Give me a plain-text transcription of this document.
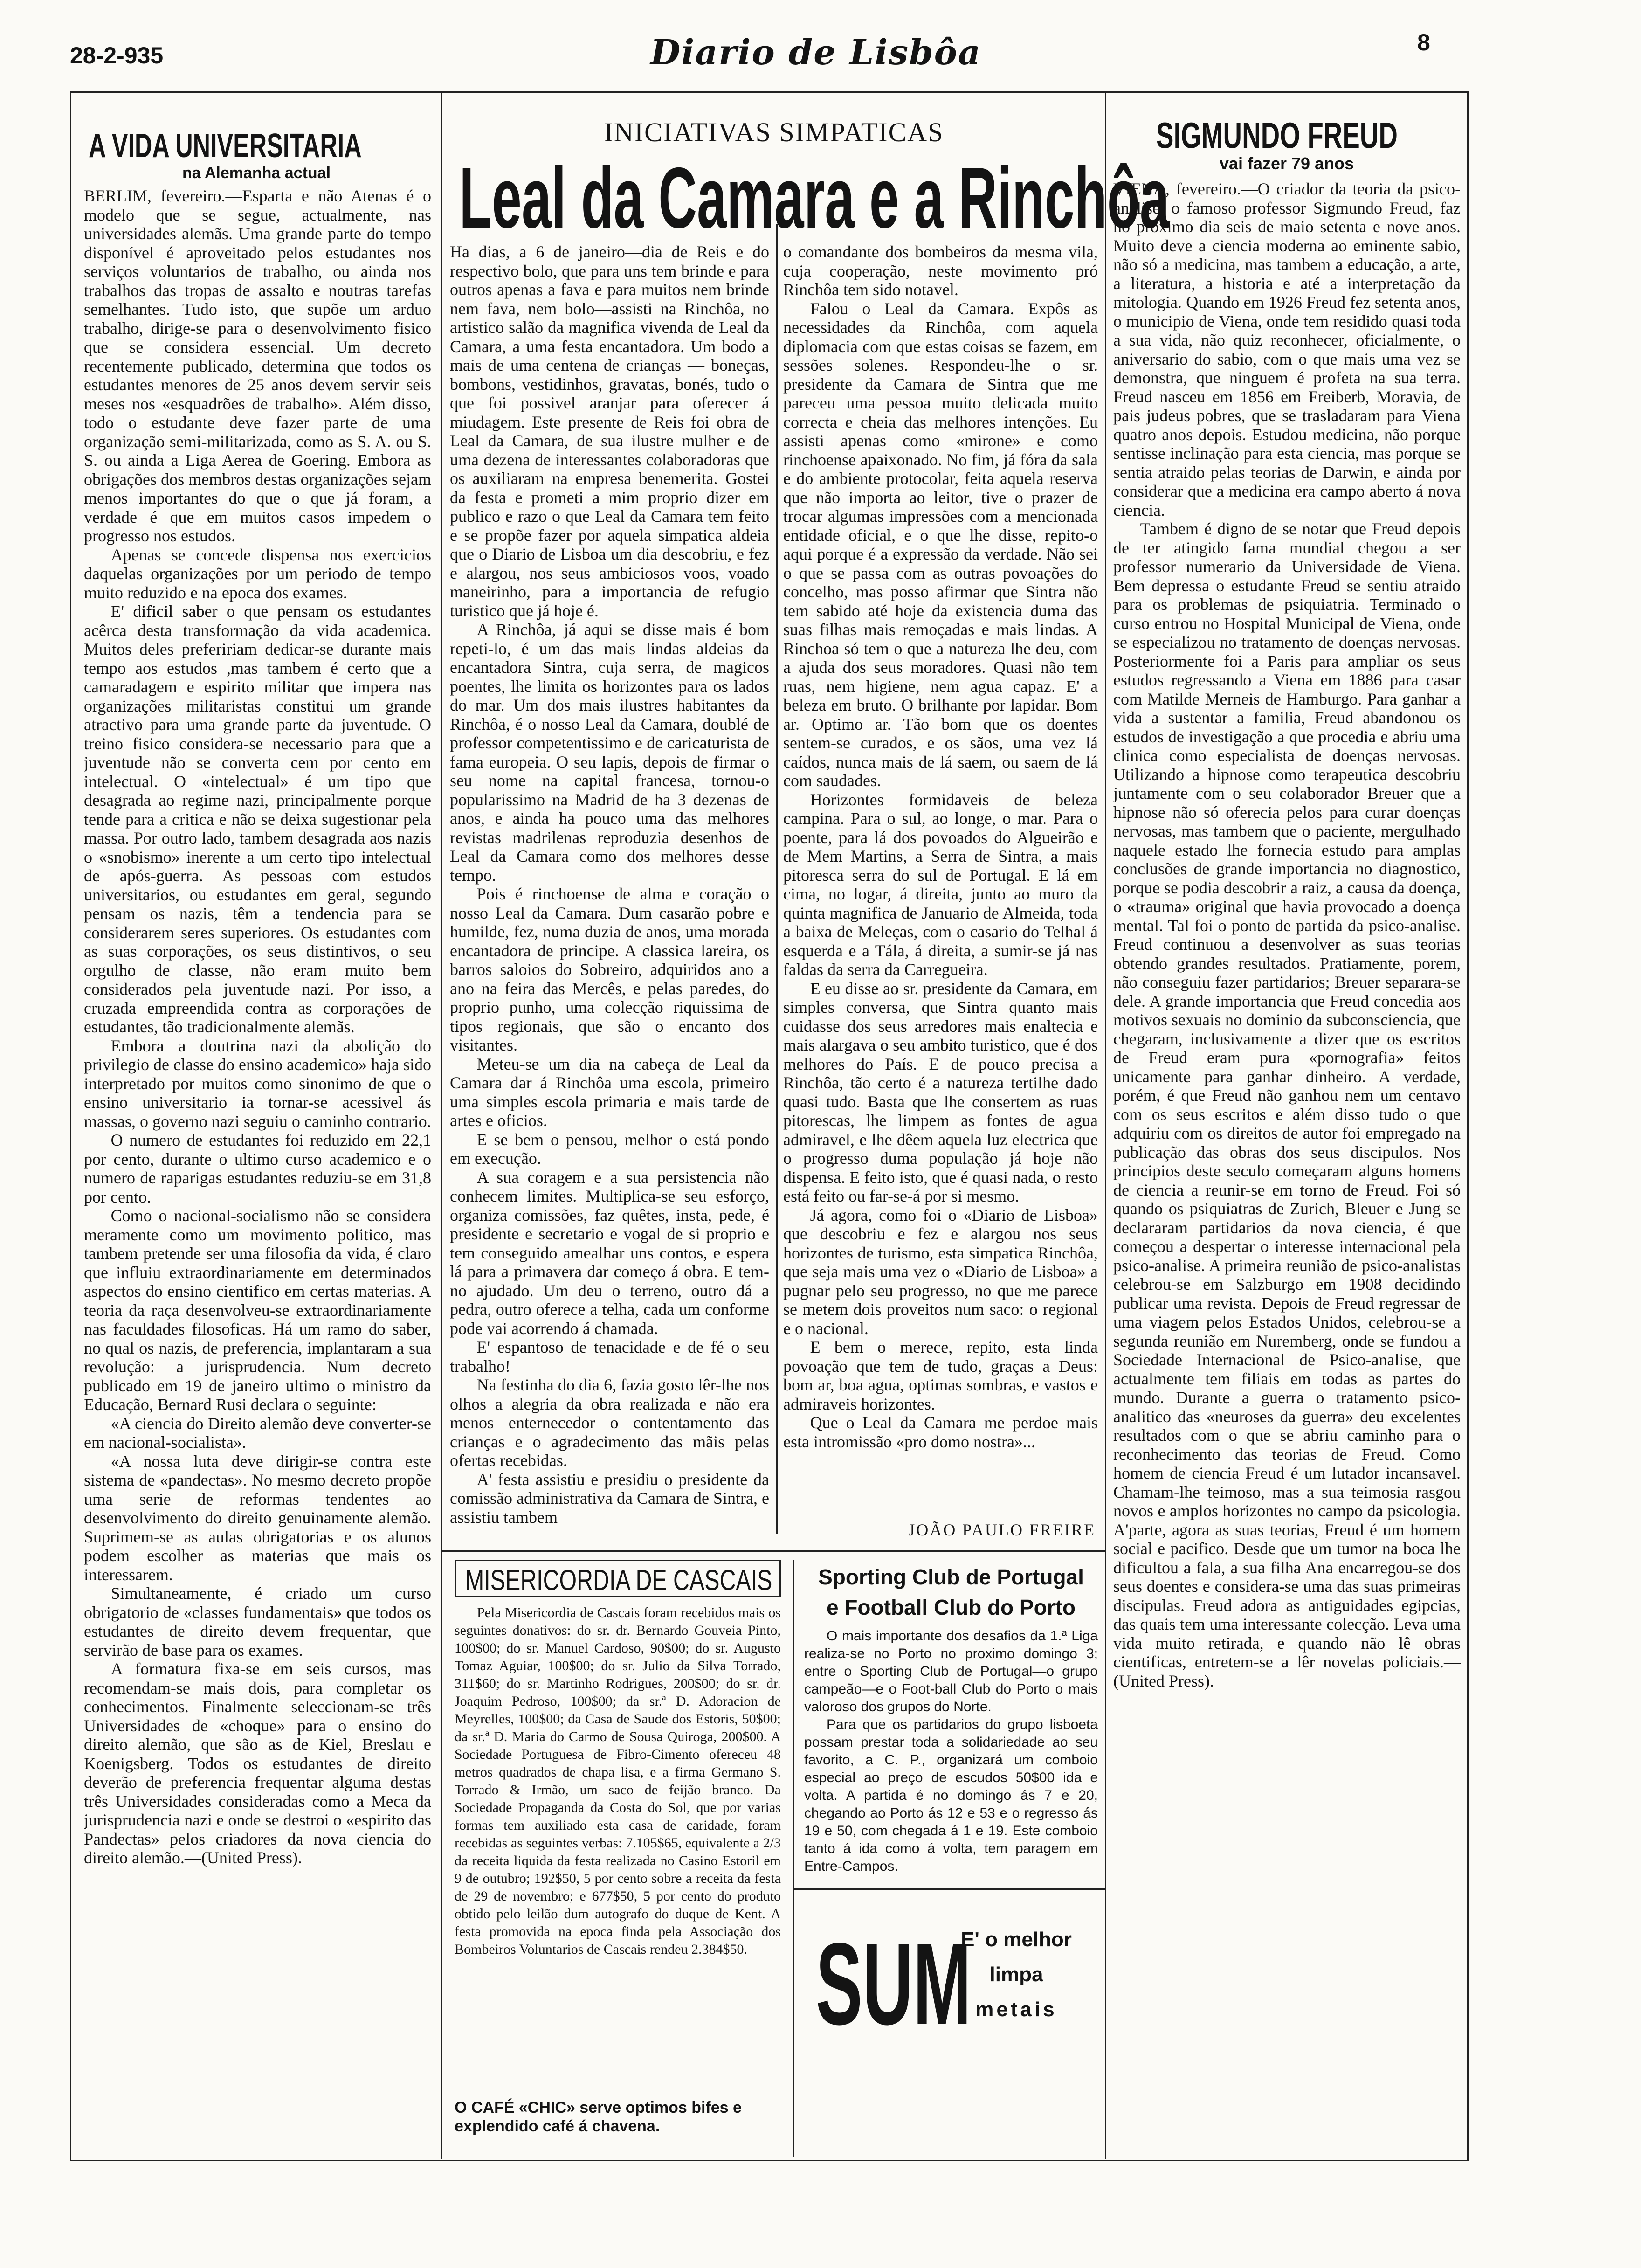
28-2-935	Diario de Lisbôa	8
A VIDA UNIVERSITARIA
na Alemanha actual

BERLIM, fevereiro.—Esparta e não Atenas é o modelo que se segue, actualmente, nas universidades alemãs. Uma grande parte do tempo disponível é aproveitado pelos estudantes nos serviços voluntarios de trabalho, ou ainda nos trabalhos das tropas de assalto e noutras tarefas semelhantes. Tudo isto, que supõe um arduo trabalho, dirige-se para o desenvolvimento fisico que se considera essencial. Um decreto recentemente publicado, determina que todos os estudantes menores de 25 anos devem servir seis meses nos «esquadrões de trabalho». Além disso, todo o estudante deve fazer parte de uma organização semi-militarizada, como as S. A. ou S. S. ou ainda a Liga Aerea de Goering. Embora as obrigações dos membros destas organizações sejam menos importantes do que o que já foram, a verdade é que em muitos casos impedem o progresso nos estudos.

Apenas se concede dispensa nos exercicios daquelas organizações por um periodo de tempo muito reduzido e na epoca dos exames.

E' dificil saber o que pensam os estudantes acêrca desta transformação da vida academica. Muitos deles prefeririam dedicar-se durante mais tempo aos estudos ,mas tambem é certo que a camaradagem e espirito militar que impera nas organizações militaristas constitui um grande atractivo para uma grande parte da juventude. O treino fisico considera-se necessario para que a juventude não se converta cem por cento em intelectual. O «intelectual» é um tipo que desagrada ao regime nazi, principalmente porque tende para a critica e não se deixa sugestionar pela massa. Por outro lado, tambem desagrada aos nazis o «snobismo» inerente a um certo tipo intelectual de após-guerra. As pessoas com estudos universitarios, ou estudantes em geral, segundo pensam os nazis, têm a tendencia para se considerarem seres superiores. Os estudantes com as suas corporações, os seus distintivos, o seu orgulho de classe, não eram muito bem considerados pela juventude nazi. Por isso, a cruzada empreendida contra as corporações de estudantes, tão tradicionalmente alemãs.

Embora a doutrina nazi da abolição do privilegio de classe do ensino academico» haja sido interpretado por muitos como sinonimo de que o ensino universitario ia tornar-se acessivel ás massas, o governo nazi seguiu o caminho contrario.

O numero de estudantes foi reduzido em 22,1 por cento, durante o ultimo curso academico e o numero de raparigas estudantes reduziu-se em 31,8 por cento.

Como o nacional-socialismo não se considera meramente como um movimento politico, mas tambem pretende ser uma filosofia da vida, é claro que influiu extraordinariamente em determinados aspectos do ensino cientifico em certas materias. A teoria da raça desenvolveu-se extraordinariamente nas faculdades filosoficas. Há um ramo do saber, no qual os nazis, de preferencia, implantaram a sua revolução: a jurisprudencia. Num decreto publicado em 19 de janeiro ultimo o ministro da Educação, Bernard Rusi declara o seguinte:

«A ciencia do Direito alemão deve converter-se em nacional-socialista».

«A nossa luta deve dirigir-se contra este sistema de «pandectas». No mesmo decreto propõe uma serie de reformas tendentes ao desenvolvimento do direito genuinamente alemão. Suprimem-se as aulas obrigatorias e os alunos podem escolher as materias que mais os interessarem.

Simultaneamente, é criado um curso obrigatorio de «classes fundamentais» que todos os estudantes de direito devem frequentar, que servirão de base para os exames.

A formatura fixa-se em seis cursos, mas recomendam-se mais dois, para completar os conhecimentos. Finalmente seleccionam-se três Universidades de «choque» para o ensino do direito alemão, que são as de Kiel, Breslau e Koenigsberg. Todos os estudantes de direito deverão de preferencia frequentar alguma destas três Universidades consideradas como a Meca da jurisprudencia nazi e onde se destroi o «espirito das Pandectas» pelos criadores da nova ciencia do direito alemão.—(United Press).

INICIATIVAS SIMPATICAS
Leal da Camara e a Rinchôa

Ha dias, a 6 de janeiro—dia de Reis e do respectivo bolo, que para uns tem brinde e para outros apenas a fava e para muitos nem brinde nem fava, nem bolo—assisti na Rinchôa, no artistico salão da magnifica vivenda de Leal da Camara, a uma festa encantadora. Um bodo a mais de uma centena de crianças — boneças, bombons, vestidinhos, gravatas, bonés, tudo o que foi possivel aranjar para oferecer á miudagem. Este presente de Reis foi obra de Leal da Camara, de sua ilustre mulher e de uma dezena de interessantes colaboradoras que os auxiliaram na empresa benemerita. Gostei da festa e prometi a mim proprio dizer em publico e razo o que Leal da Camara tem feito e se propõe fazer por aquela simpatica aldeia que o Diario de Lisboa um dia descobriu, e fez e alargou, nos seus ambiciosos voos, voado maneirinho, para a importancia de refugio turistico que já hoje é.

A Rinchôa, já aqui se disse mais é bom repeti-lo, é um das mais lindas aldeias da encantadora Sintra, cuja serra, de magicos poentes, lhe limita os horizontes para os lados do mar. Um dos mais ilustres habitantes da Rinchôa, é o nosso Leal da Camara, doublé de professor competentissimo e de caricaturista de fama europeia. O seu lapis, depois de firmar o seu nome na capital francesa, tornou-o popularissimo na Madrid de ha 3 dezenas de anos, e ainda ha pouco uma das melhores revistas madrilenas reproduzia desenhos de Leal da Camara como dos melhores desse tempo.

Pois é rinchoense de alma e coração o nosso Leal da Camara. Dum casarão pobre e humilde, fez, numa duzia de anos, uma morada encantadora de principe. A classica lareira, os barros saloios do Sobreiro, adquiridos ano a ano na feira das Mercês, e pelas paredes, do proprio punho, uma colecção riquissima de tipos regionais, que são o encanto dos visitantes.

Meteu-se um dia na cabeça de Leal da Camara dar á Rinchôa uma escola, primeiro uma simples escola primaria e mais tarde de artes e oficios.

E se bem o pensou, melhor o está pondo em execução.

A sua coragem e a sua persistencia não conhecem limites. Multiplica-se seu esforço, organiza comissões, faz quêtes, insta, pede, é presidente e secretario e vogal de si proprio e tem conseguido amealhar uns contos, e espera lá para a primavera dar começo á obra. E tem-no ajudado. Um deu o terreno, outro dá a pedra, outro oferece a telha, cada um conforme pode vai acorrendo á chamada.

E' espantoso de tenacidade e de fé o seu trabalho!

Na festinha do dia 6, fazia gosto lêr-lhe nos olhos a alegria da obra realizada e não era menos enternecedor o contentamento das crianças e o agradecimento das mãis pelas ofertas recebidas.

A' festa assistiu e presidiu o presidente da comissão administrativa da Camara de Sintra, e assistiu tambem

o comandante dos bombeiros da mesma vila, cuja cooperação, neste movimento pró Rinchôa tem sido notavel.

Falou o Leal da Camara. Expôs as necessidades da Rinchôa, com aquela diplomacia com que estas coisas se fazem, em sessões solenes. Respondeu-lhe o sr. presidente da Camara de Sintra que me pareceu uma pessoa muito delicada muito correcta e cheia das melhores intenções. Eu assisti apenas como «mirone» e como rinchoense apaixonado. No fim, já fóra da sala e do ambiente protocolar, feita aquela reserva que não importa ao leitor, tive o prazer de trocar algumas impressões com a mencionada entidade oficial, e o que lhe disse, repito-o aqui porque é a expressão da verdade. Não sei o que se passa com as outras povoações do concelho, mas posso afirmar que Sintra não tem sabido até hoje da existencia duma das suas filhas mais remoçadas e mais lindas. A Rinchoa só tem o que a natureza lhe deu, com a ajuda dos seus moradores. Quasi não tem ruas, nem higiene, nem agua capaz. E' a beleza em bruto. O brilhante por lapidar. Bom ar. Optimo ar. Tão bom que os doentes sentem-se curados, e os sãos, uma vez lá caídos, nunca mais de lá saem, ou saem de lá com saudades.

Horizontes formidaveis de beleza campina. Para o sul, ao longe, o mar. Para o poente, para lá dos povoados do Algueirão e de Mem Martins, a Serra de Sintra, a mais pitoresca serra do sul de Portugal. E lá em cima, no logar, á direita, junto ao muro da quinta magnifica de Januario de Almeida, toda a baixa de Meleças, com o casario do Telhal á esquerda e a Tála, á direita, a sumir-se já nas faldas da serra da Carregueira.

E eu disse ao sr. presidente da Camara, em simples conversa, que Sintra quanto mais cuidasse dos seus arredores mais enaltecia e mais alargava o seu ambito turistico, que é dos melhores do País. E de pouco precisa a Rinchôa, tão certo é a natureza tertilhe dado quasi tudo. Basta que lhe consertem as ruas pitorescas, lhe limpem as fontes de agua admiravel, e lhe dêem aquela luz electrica que o progresso duma população já hoje não dispensa. E feito isto, que é quasi nada, o resto está feito ou far-se-á por si mesmo.

Já agora, como foi o «Diario de Lisboa» que descobriu e fez e alargou nos seus horizontes de turismo, esta simpatica Rinchôa, que seja mais uma vez o «Diario de Lisboa» a pugnar pelo seu progresso, no que me parece se metem dois proveitos num saco: o regional e o nacional.

E bem o merece, repito, esta linda povoação que tem de tudo, graças a Deus: bom ar, boa agua, optimas sombras, e vastos e admiraveis horizontes.

Que o Leal da Camara me perdoe mais esta intromissão «pro domo nostra»...

JOÃO PAULO FREIRE
MISERICORDIA DE CASCAIS

Pela Misericordia de Cascais foram recebidos mais os seguintes donativos: do sr. dr. Bernardo Gouveia Pinto, 100$00; do sr. Manuel Cardoso, 90$00; do sr. Augusto Tomaz Aguiar, 100$00; do sr. Julio da Silva Torrado, 311$60; do sr. Martinho Rodrigues, 200$00; do sr. dr. Joaquim Pedroso, 100$00; da sr.ª D. Adoracion de Meyrelles, 100$00; da Casa de Saude dos Estoris, 50$00; da sr.ª D. Maria do Carmo de Sousa Quiroga, 200$00. A Sociedade Portuguesa de Fibro-Cimento ofereceu 48 metros quadrados de chapa lisa, e a firma Germano S. Torrado & Irmão, um saco de feijão branco. Da Sociedade Propaganda da Costa do Sol, que por varias formas tem auxiliado esta casa de caridade, foram recebidas as seguintes verbas: 7.105$65, equivalente a 2/3 da receita liquida da festa realizada no Casino Estoril em 9 de outubro; 192$50, 5 por cento sobre a receita da festa de 29 de novembro; e 677$50, 5 por cento do produto obtido pelo leilão dum autografo do duque de Kent. A festa promovida na epoca finda pela Associação dos Bombeiros Voluntarios de Cascais rendeu 2.384$50.

O CAFÉ «CHIC» serve optimos bifes e explendido café á chavena.
Sporting Club de Portugal
e Football Club do Porto

O mais importante dos desafios da 1.ª Liga realiza-se no Porto no proximo domingo 3; entre o Sporting Club de Portugal—o grupo campeão—e o Foot-ball Club do Porto o mais valoroso dos grupos do Norte.

Para que os partidarios do grupo lisboeta possam prestar toda a solidariedade ao seu favorito, a C. P., organizará um comboio especial ao preço de escudos 50$00 ida e volta. A partida é no domingo ás 7 e 20, chegando ao Porto ás 12 e 53 e o regresso ás 19 e 50, com chegada á 1 e 19. Este comboio tanto á ida como á volta, tem paragem em Entre-Campos.

SUM
E' o melhor
limpa
metais
SIGMUNDO FREUD
vai fazer 79 anos

VIENA, fevereiro.—O criador da teoria da psico-analise, o famoso professor Sigmundo Freud, faz no proximo dia seis de maio setenta e nove anos. Muito deve a ciencia moderna ao eminente sabio, não só a medicina, mas tambem a educação, a arte, a literatura, a historia e até a interpretação da mitologia. Quando em 1926 Freud fez setenta anos, o municipio de Viena, onde tem residido quasi toda a sua vida, não quiz reconhecer, oficialmente, o aniversario do sabio, com o que mais uma vez se demonstra, que ninguem é profeta na sua terra. Freud nasceu em 1856 em Freiberb, Moravia, de pais judeus pobres, que se trasladaram para Viena quatro anos depois. Estudou medicina, não porque sentisse inclinação para esta ciencia, mas porque se sentia atraido pelas teorias de Darwin, e ainda por considerar que a medicina era campo aberto á nova ciencia.

Tambem é digno de se notar que Freud depois de ter atingido fama mundial chegou a ser professor numerario da Universidade de Viena. Bem depressa o estudante Freud se sentiu atraido para os problemas de psiquiatria. Terminado o curso entrou no Hospital Municipal de Viena, onde se especializou no tratamento de doenças nervosas. Posteriormente foi a Paris para ampliar os seus estudos regressando a Viena em 1886 para casar com Matilde Merneis de Hamburgo. Para ganhar a vida a sustentar a familia, Freud abandonou os estudos de investigação a que procedia e abriu uma clinica como especialista de doenças nervosas. Utilizando a hipnose como terapeutica descobriu juntamente com o seu colaborador Breuer que a hipnose não só oferecia pelos para curar doenças nervosas, mas tambem que o paciente, mergulhado naquele estado lhe fornecia estudo para amplas conclusões de grande importancia no diagnostico, porque se podia descobrir a raiz, a causa da doença, o «trauma» original que havia provocado a doença mental. Tal foi o ponto de partida da psico-analise. Freud continuou a desenvolver as suas teorias obtendo grandes resultados. Pratiamente, porem, não conseguiu fazer partidarios; Breuer separara-se dele. A grande importancia que Freud concedia aos motivos sexuais no dominio da subconsciencia, que chegaram, inclusivamente a dizer que os escritos de Freud eram pura «pornografia» feitos unicamente para ganhar dinheiro. A verdade, porém, é que Freud não ganhou nem um centavo com os seus escritos e além disso tudo o que adquiriu com os direitos de autor foi empregado na publicação das obras dos seus discipulos. Nos principios deste seculo começaram alguns homens de ciencia a reunir-se em torno de Freud. Foi só quando os psiquiatras de Zurich, Bleuer e Jung se declararam partidarios da nova ciencia, é que começou a despertar o interesse internacional pela psico-analise. A primeira reunião de psico-analistas celebrou-se em Salzburgo em 1908 decidindo publicar uma revista. Depois de Freud regressar de uma viagem pelos Estados Unidos, celebrou-se a segunda reunião em Nuremberg, onde se fundou a Sociedade Internacional de Psico-analise, que actualmente tem filiais em todas as partes do mundo. Durante a guerra o tratamento psico-analitico das «neuroses da guerra» deu excelentes resultados com o que se abriu caminho para o reconhecimento das teorias de Freud. Como homem de ciencia Freud é um lutador incansavel. Chamam-lhe teimoso, mas a sua teimosia rasgou novos e amplos horizontes no campo da psicologia. A'parte, agora as suas teorias, Freud é um homem social e pacifico. Desde que um tumor na boca lhe dificultou a fala, a sua filha Ana encarregou-se dos seus doentes e considera-se uma das suas primeiras discipulas. Freud adora as antiguidades egipcias, das quais tem uma interessante colecção. Leva uma vida muito retirada, e quando não lê obras cientificas, entretem-se a lêr novelas policiais.—(United Press).
